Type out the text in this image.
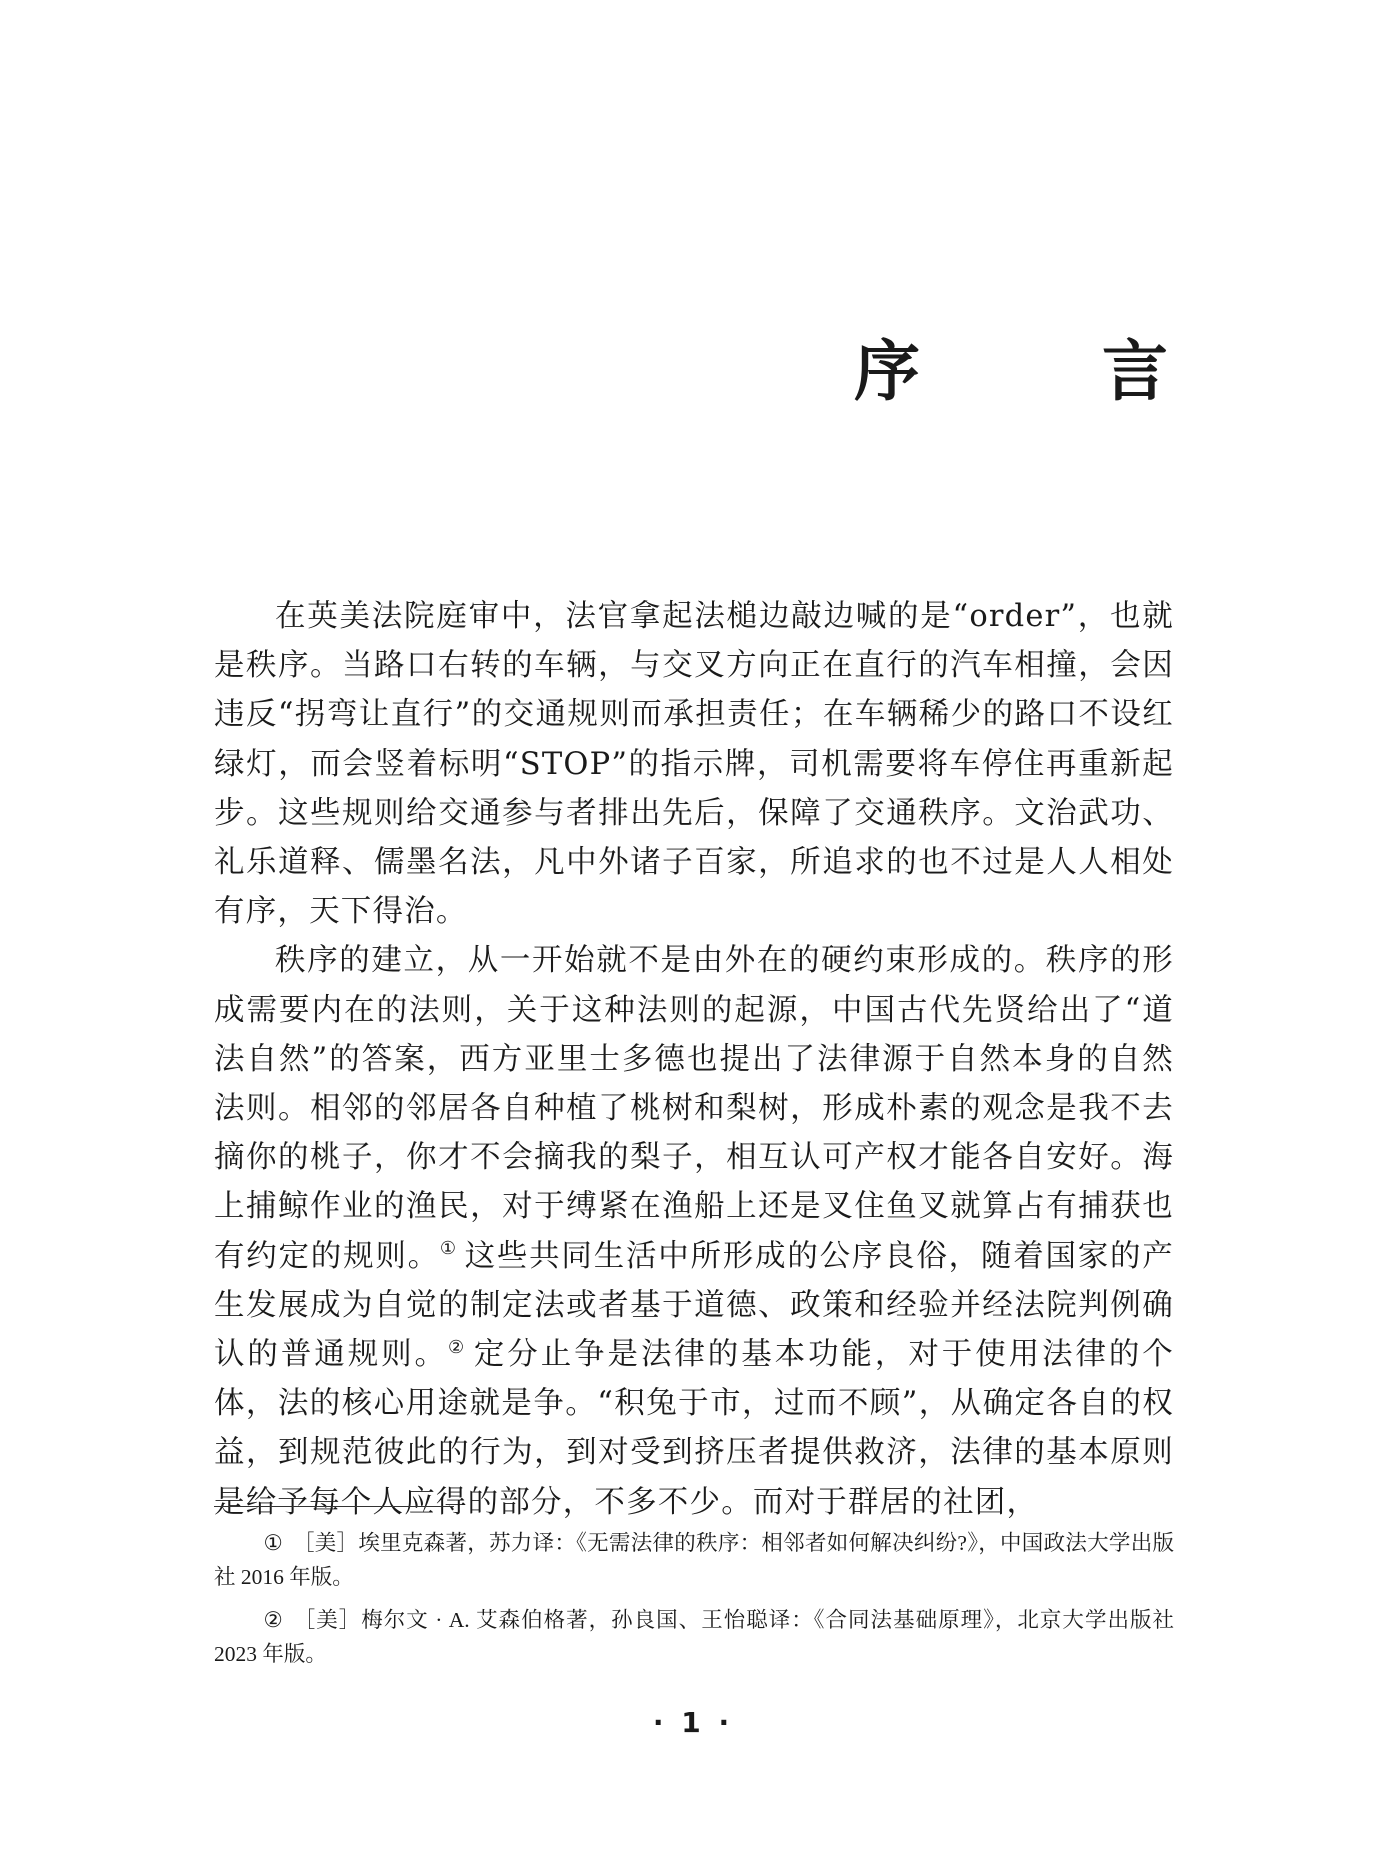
序　言

在英美法院庭审中，法官拿起法槌边敲边喊的是“order”，也就是秩序。当路口右转的车辆，与交叉方向正在直行的汽车相撞，会因违反“拐弯让直行”的交通规则而承担责任；在车辆稀少的路口不设红绿灯，而会竖着标明“STOP”的指示牌，司机需要将车停住再重新起步。这些规则给交通参与者排出先后，保障了交通秩序。文治武功、礼乐道释、儒墨名法，凡中外诸子百家，所追求的也不过是人人相处有序，天下得治。

秩序的建立，从一开始就不是由外在的硬约束形成的。秩序的形成需要内在的法则，关于这种法则的起源，中国古代先贤给出了“道法自然”的答案，西方亚里士多德也提出了法律源于自然本身的自然法则。相邻的邻居各自种植了桃树和梨树，形成朴素的观念是我不去摘你的桃子，你才不会摘我的梨子，相互认可产权才能各自安好。海上捕鲸作业的渔民，对于缚紧在渔船上还是叉住鱼叉就算占有捕获也有约定的规则。① 这些共同生活中所形成的公序良俗，随着国家的产生发展成为自觉的制定法或者基于道德、政策和经验并经法院判例确认的普通规则。② 定分止争是法律的基本功能，对于使用法律的个体，法的核心用途就是争。“积兔于市，过而不顾”，从确定各自的权益，到规范彼此的行为，到对受到挤压者提供救济，法律的基本原则是给予每个人应得的部分，不多不少。而对于群居的社团，

① ［美］埃里克森著，苏力译：《无需法律的秩序：相邻者如何解决纠纷?》，中国政法大学出版社 2016 年版。

② ［美］梅尔文 · A. 艾森伯格著，孙良国、王怡聪译：《合同法基础原理》，北京大学出版社 2023 年版。

· 1 ·
